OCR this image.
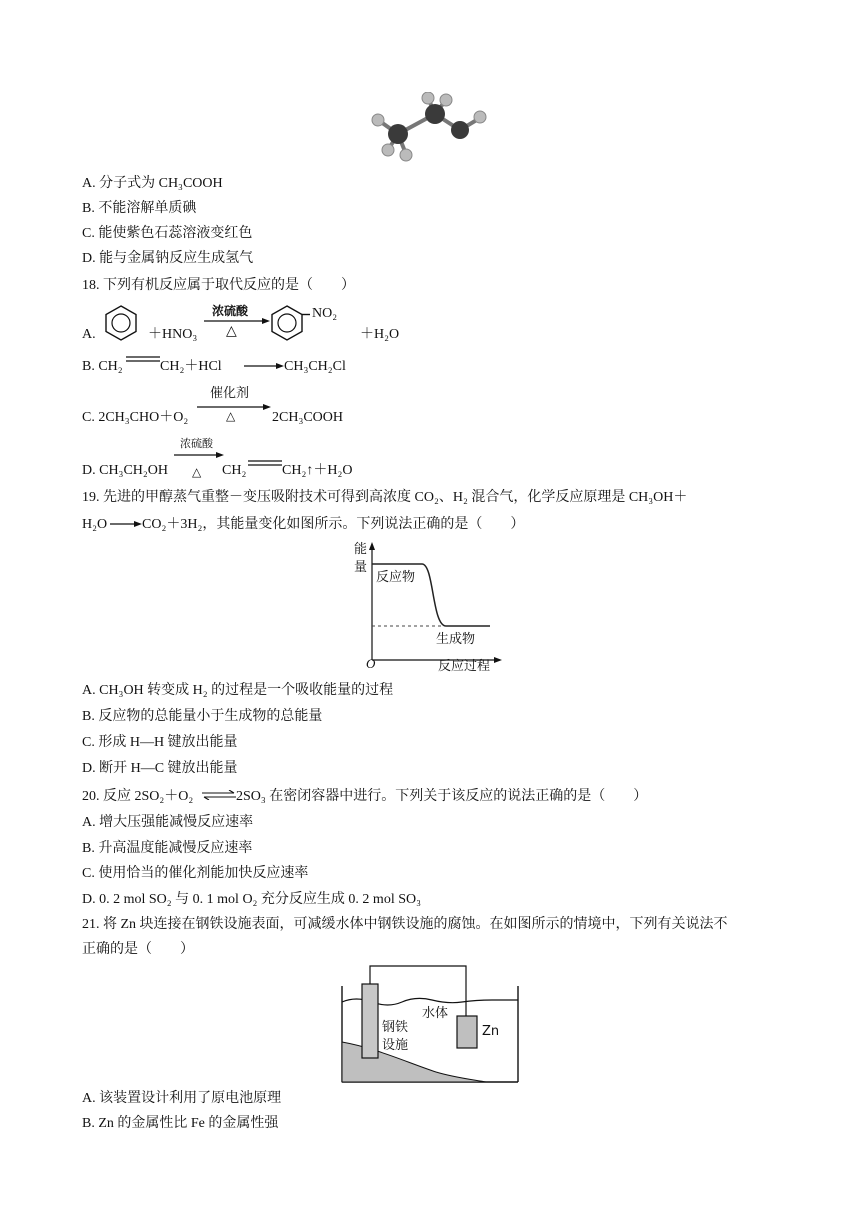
A. 分子式为 CH₃COOH
B. 不能溶解单质碘
C. 能使紫色石蕊溶液变红色
D. 能与金属钠反应生成氢气
18. 下列有机反应属于取代反应的是（　　）
A.	＋HNO₃
浓硫酸
△
NO₂
＋H₂O
B. CH₂	CH₂＋HCl → CH₃CH₂Cl
催化剂
C. 2CH₃CHO＋O₂	△	2CH₃COOH
浓硫酸
D. CH₃CH₂OH △ CH₂	CH₂↑＋H₂O
19. 先进的甲醇蒸气重整－变压吸附技术可得到高浓度 CO₂、H₂ 混合气，化学反应原理是 CH₃OH＋
H₂O → CO₂＋3H₂，其能量变化如图所示。下列说法正确的是（　　）
能
量
反应物
生成物
O	反应过程
A. CH₃OH 转变成 H₂ 的过程是一个吸收能量的过程
B. 反应物的总能量小于生成物的总能量
C. 形成 H—H 键放出能量
D. 断开 H—C 键放出能量
20. 反应 2SO₂＋O₂ ⇌ 2SO₃ 在密闭容器中进行。下列关于该反应的说法正确的是（　　）
A. 增大压强能减慢反应速率
B. 升高温度能减慢反应速率
C. 使用恰当的催化剂能加快反应速率
D. 0. 2 mol SO₂ 与 0. 1 mol O₂ 充分反应生成 0. 2 mol SO₃
21. 将 Zn 块连接在钢铁设施表面，可减缓水体中钢铁设施的腐蚀。在如图所示的情境中，下列有关说法不
正确的是（　　）
水体
Zn
钢铁
设施
A. 该装置设计利用了原电池原理
B. Zn 的金属性比 Fe 的金属性强
